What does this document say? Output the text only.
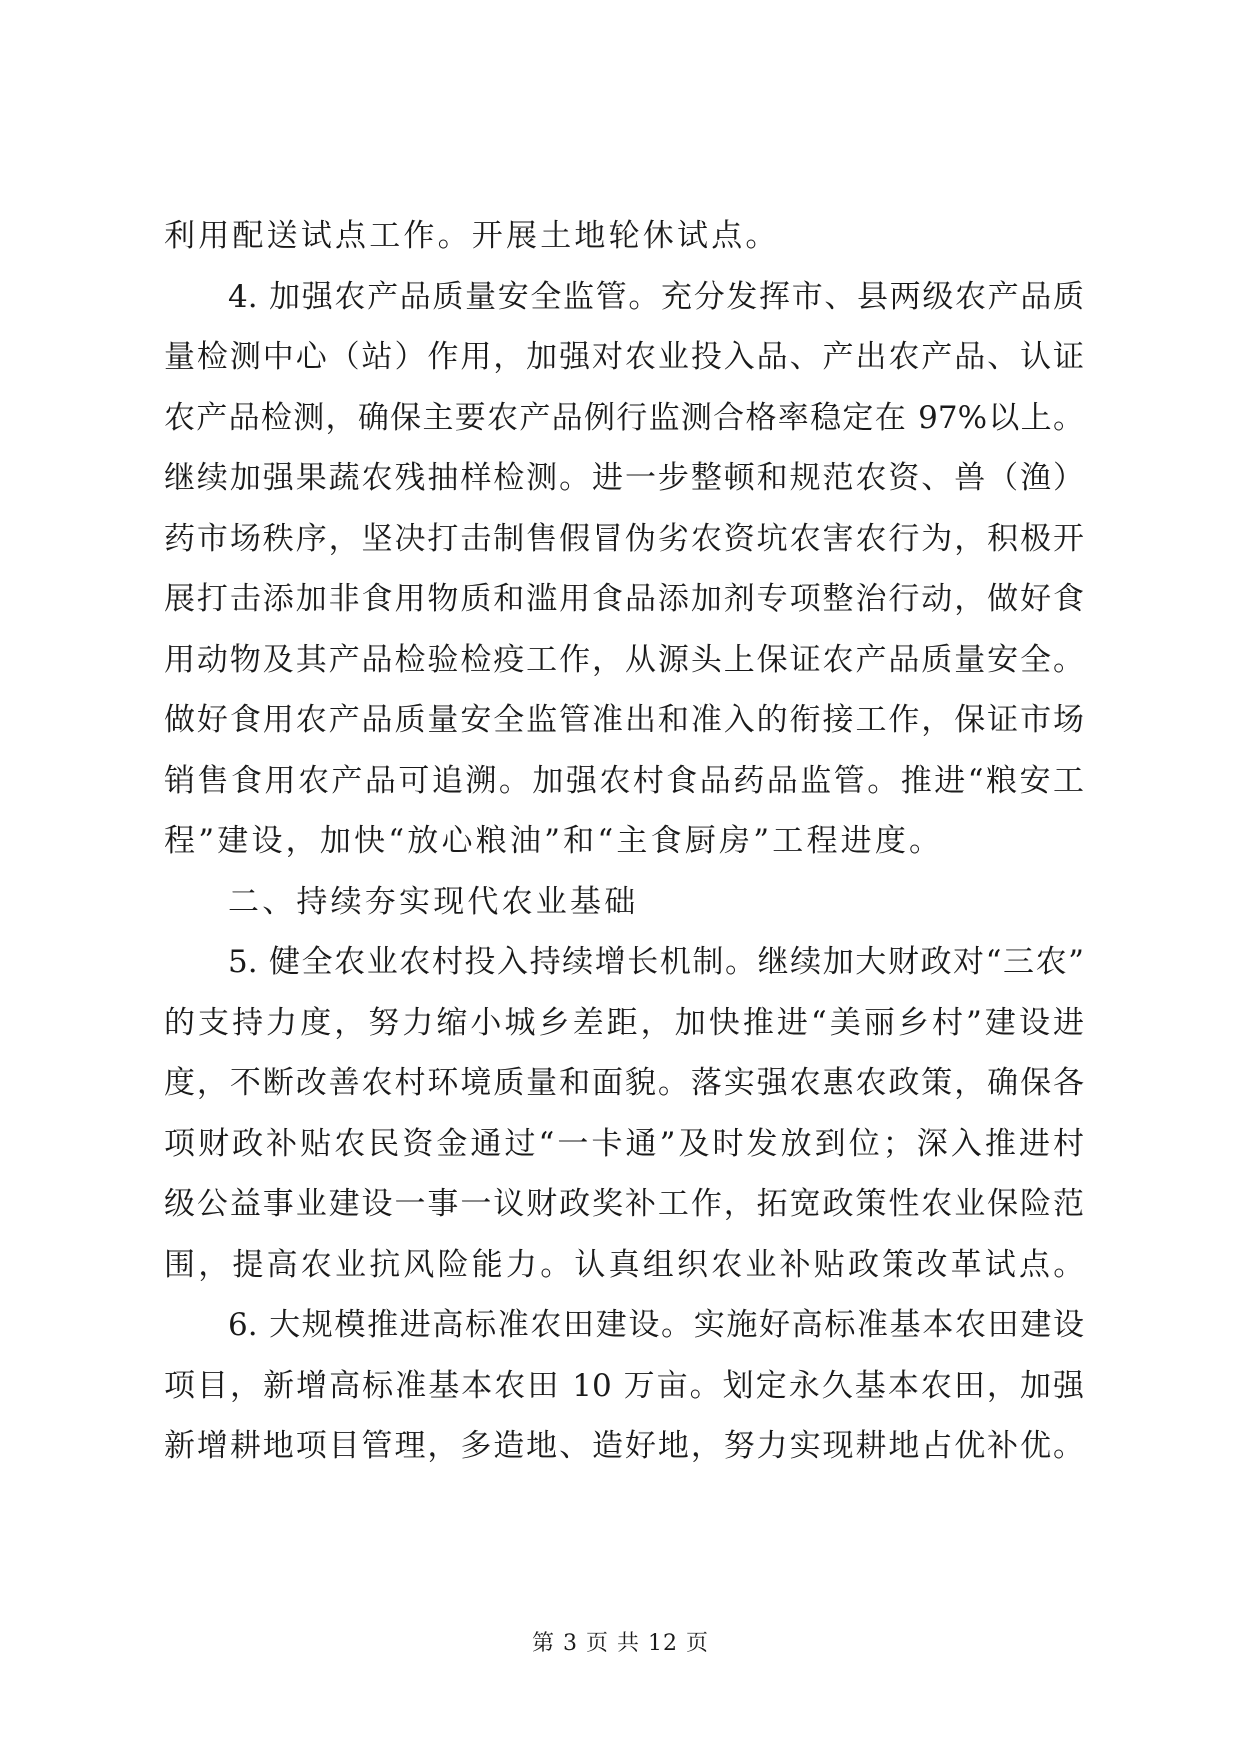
利用配送试点工作。开展土地轮休试点。
4. 加强农产品质量安全监管。充分发挥市、县两级农产品质
量检测中心（站）作用，加强对农业投入品、产出农产品、认证
农产品检测，确保主要农产品例行监测合格率稳定在 97%以上。
继续加强果蔬农残抽样检测。进一步整顿和规范农资、兽（渔）
药市场秩序，坚决打击制售假冒伪劣农资坑农害农行为，积极开
展打击添加非食用物质和滥用食品添加剂专项整治行动，做好食
用动物及其产品检验检疫工作，从源头上保证农产品质量安全。
做好食用农产品质量安全监管准出和准入的衔接工作，保证市场
销售食用农产品可追溯。加强农村食品药品监管。推进“粮安工
程”建设，加快“放心粮油”和“主食厨房”工程进度。
二、持续夯实现代农业基础
5. 健全农业农村投入持续增长机制。继续加大财政对“三农”
的支持力度，努力缩小城乡差距，加快推进“美丽乡村”建设进
度，不断改善农村环境质量和面貌。落实强农惠农政策，确保各
项财政补贴农民资金通过“一卡通”及时发放到位；深入推进村
级公益事业建设一事一议财政奖补工作，拓宽政策性农业保险范
围，提高农业抗风险能力。认真组织农业补贴政策改革试点。
6. 大规模推进高标准农田建设。实施好高标准基本农田建设
项目，新增高标准基本农田 10 万亩。划定永久基本农田，加强
新增耕地项目管理，多造地、造好地，努力实现耕地占优补优。
第 3 页 共 12 页
